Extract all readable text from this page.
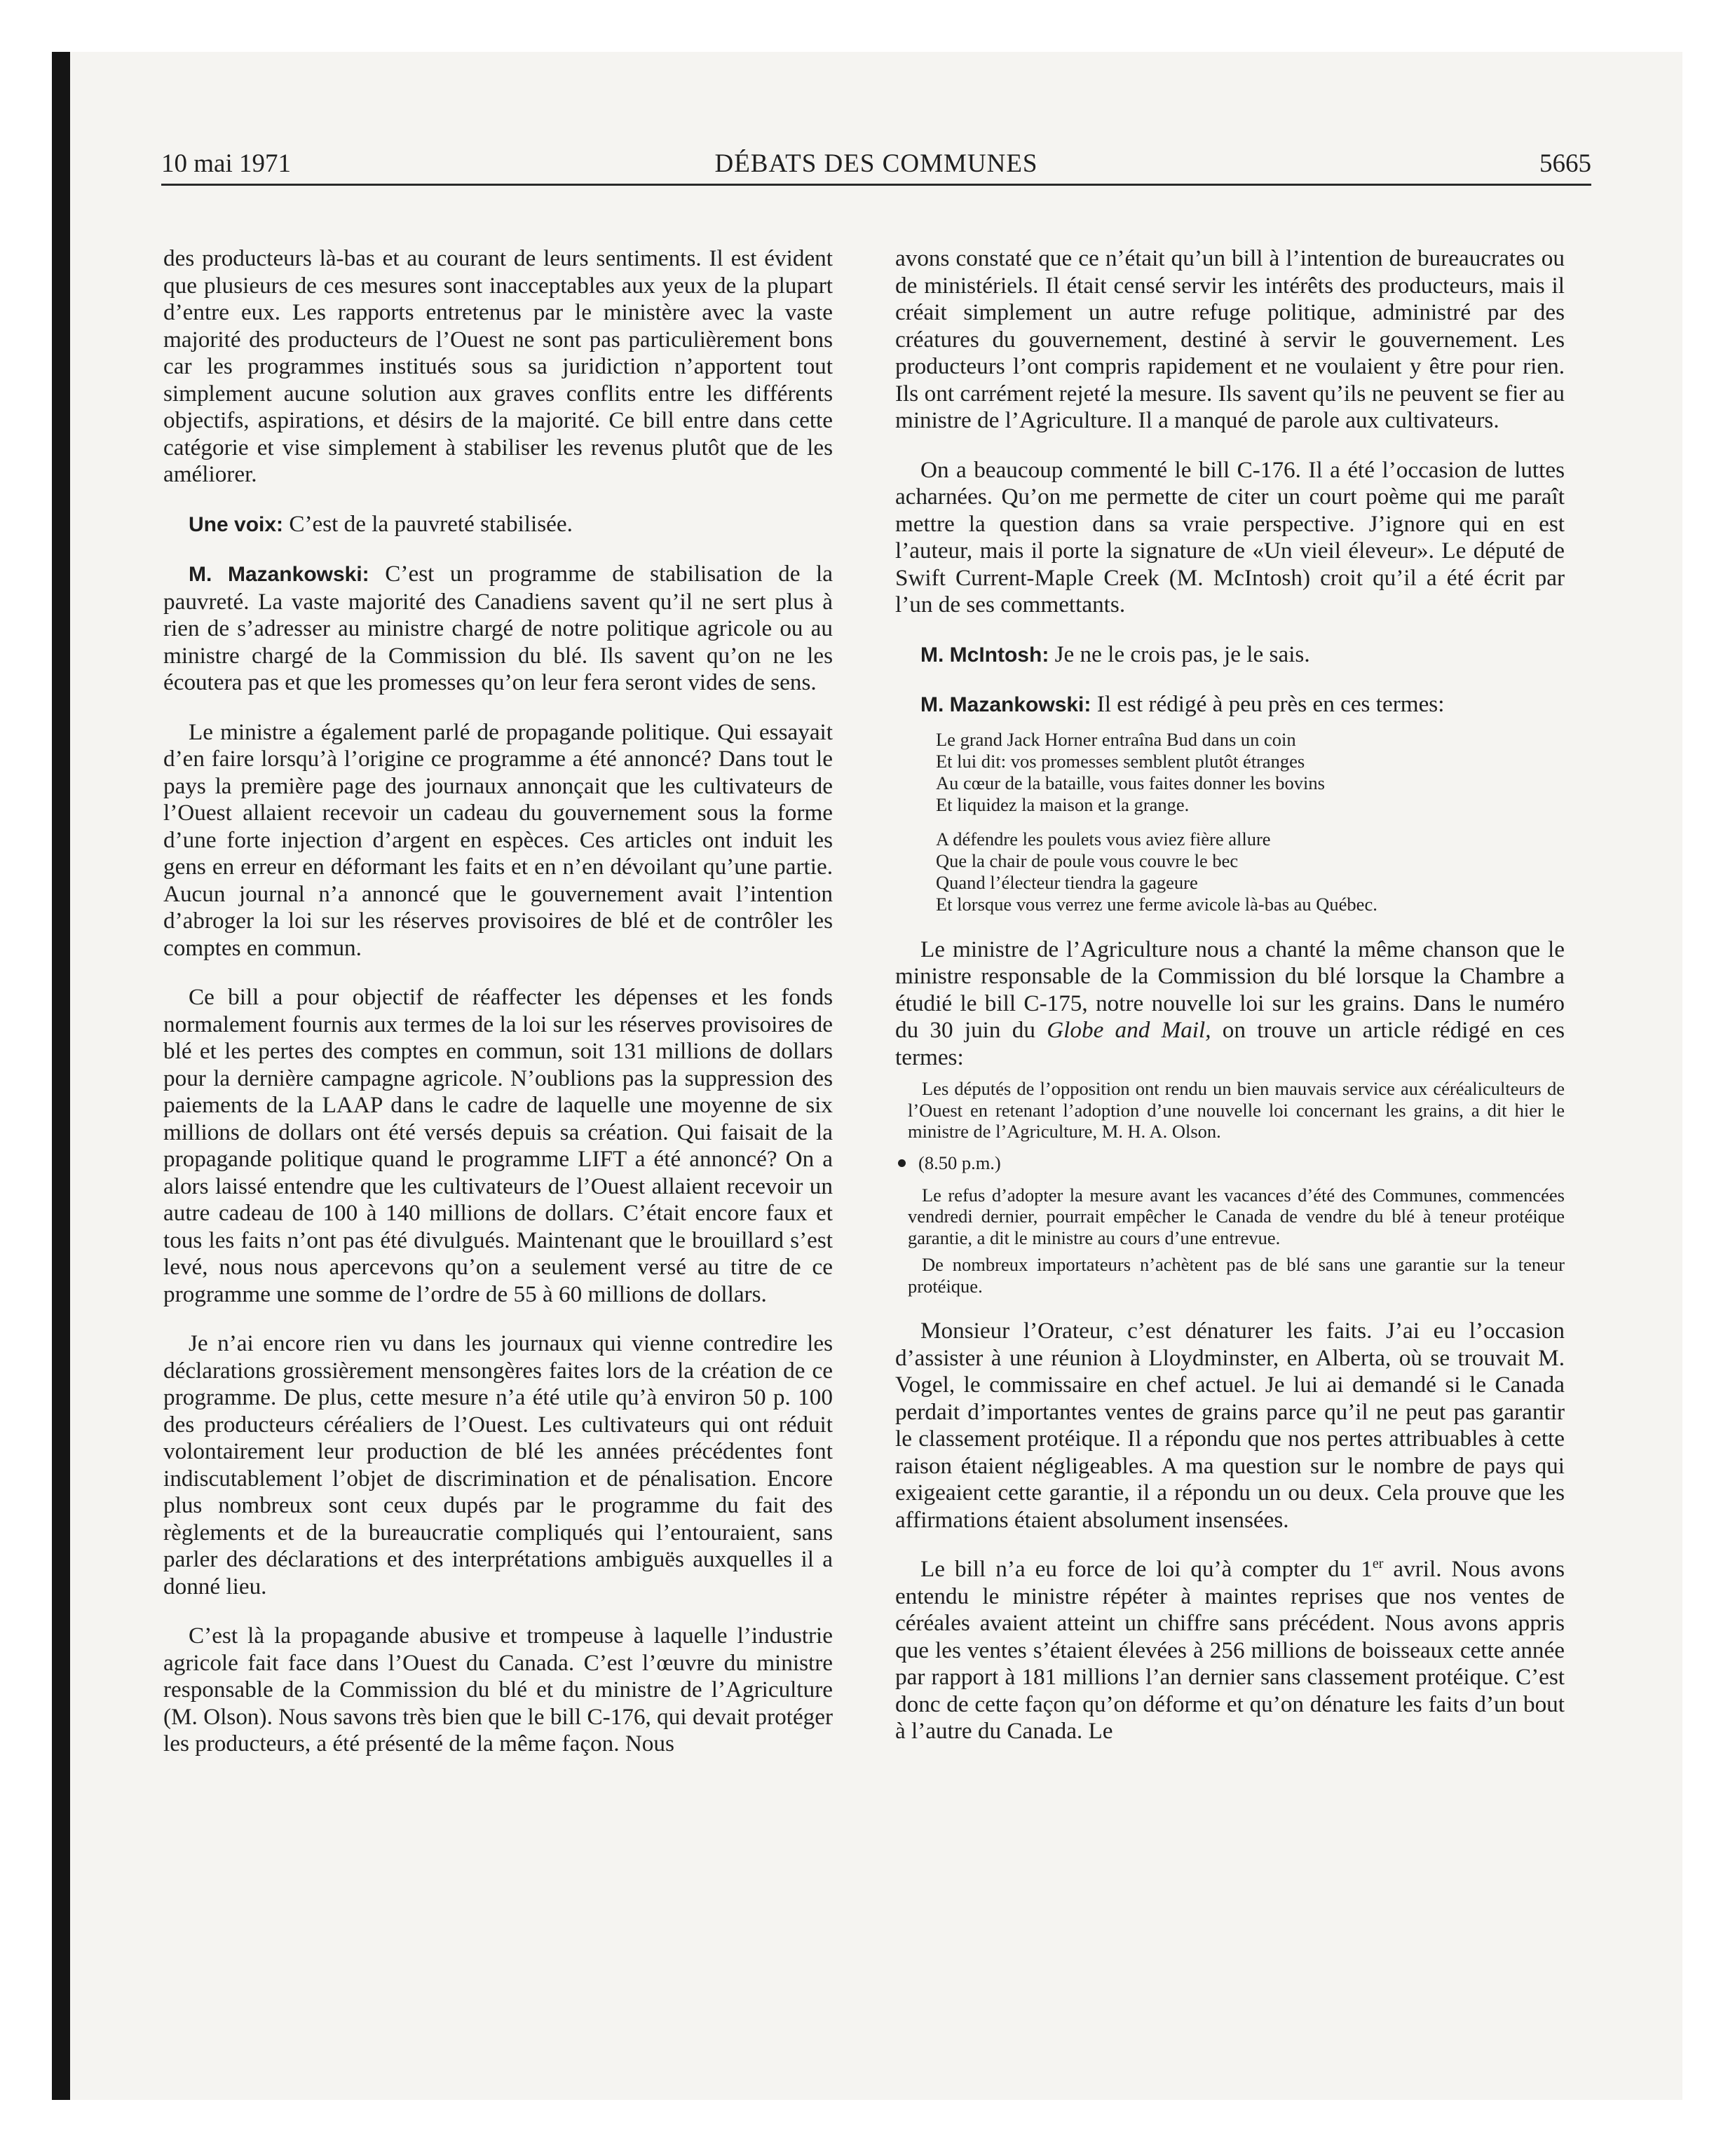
10 mai 1971	DÉBATS DES COMMUNES	5665

des producteurs là-bas et au courant de leurs sentiments. Il est évident que plusieurs de ces mesures sont inacceptables aux yeux de la plupart d’entre eux. Les rapports entretenus par le ministère avec la vaste majorité des producteurs de l’Ouest ne sont pas particulièrement bons car les programmes institués sous sa juridiction n’apportent tout simplement aucune solution aux graves conflits entre les différents objectifs, aspirations, et désirs de la majorité. Ce bill entre dans cette catégorie et vise simplement à stabiliser les revenus plutôt que de les améliorer.

Une voix: C’est de la pauvreté stabilisée.

M. Mazankowski: C’est un programme de stabilisation de la pauvreté. La vaste majorité des Canadiens savent qu’il ne sert plus à rien de s’adresser au ministre chargé de notre politique agricole ou au ministre chargé de la Commission du blé. Ils savent qu’on ne les écoutera pas et que les promesses qu’on leur fera seront vides de sens.

Le ministre a également parlé de propagande politique. Qui essayait d’en faire lorsqu’à l’origine ce programme a été annoncé? Dans tout le pays la première page des journaux annonçait que les cultivateurs de l’Ouest allaient recevoir un cadeau du gouvernement sous la forme d’une forte injection d’argent en espèces. Ces articles ont induit les gens en erreur en déformant les faits et en n’en dévoilant qu’une partie. Aucun journal n’a annoncé que le gouvernement avait l’intention d’abroger la loi sur les réserves provisoires de blé et de contrôler les comptes en commun.

Ce bill a pour objectif de réaffecter les dépenses et les fonds normalement fournis aux termes de la loi sur les réserves provisoires de blé et les pertes des comptes en commun, soit 131 millions de dollars pour la dernière campagne agricole. N’oublions pas la suppression des paiements de la LAAP dans le cadre de laquelle une moyenne de six millions de dollars ont été versés depuis sa création. Qui faisait de la propagande politique quand le programme LIFT a été annoncé? On a alors laissé entendre que les cultivateurs de l’Ouest allaient recevoir un autre cadeau de 100 à 140 millions de dollars. C’était encore faux et tous les faits n’ont pas été divulgués. Maintenant que le brouillard s’est levé, nous nous apercevons qu’on a seulement versé au titre de ce programme une somme de l’ordre de 55 à 60 millions de dollars.

Je n’ai encore rien vu dans les journaux qui vienne contredire les déclarations grossièrement mensongères faites lors de la création de ce programme. De plus, cette mesure n’a été utile qu’à environ 50 p. 100 des producteurs céréaliers de l’Ouest. Les cultivateurs qui ont réduit volontairement leur production de blé les années précédentes font indiscutablement l’objet de discrimination et de pénalisation. Encore plus nombreux sont ceux dupés par le programme du fait des règlements et de la bureaucratie compliqués qui l’entouraient, sans parler des déclarations et des interprétations ambiguës auxquelles il a donné lieu.

C’est là la propagande abusive et trompeuse à laquelle l’industrie agricole fait face dans l’Ouest du Canada. C’est l’œuvre du ministre responsable de la Commission du blé et du ministre de l’Agriculture (M. Olson). Nous savons très bien que le bill C-176, qui devait protéger les producteurs, a été présenté de la même façon. Nous

avons constaté que ce n’était qu’un bill à l’intention de bureaucrates ou de ministériels. Il était censé servir les intérêts des producteurs, mais il créait simplement un autre refuge politique, administré par des créatures du gouvernement, destiné à servir le gouvernement. Les producteurs l’ont compris rapidement et ne voulaient y être pour rien. Ils ont carrément rejeté la mesure. Ils savent qu’ils ne peuvent se fier au ministre de l’Agriculture. Il a manqué de parole aux cultivateurs.

On a beaucoup commenté le bill C-176. Il a été l’occasion de luttes acharnées. Qu’on me permette de citer un court poème qui me paraît mettre la question dans sa vraie perspective. J’ignore qui en est l’auteur, mais il porte la signature de «Un vieil éleveur». Le député de Swift Current-Maple Creek (M. McIntosh) croit qu’il a été écrit par l’un de ses commettants.

M. McIntosh: Je ne le crois pas, je le sais.

M. Mazankowski: Il est rédigé à peu près en ces termes:

Le grand Jack Horner entraîna Bud dans un coin
Et lui dit: vos promesses semblent plutôt étranges
Au cœur de la bataille, vous faites donner les bovins
Et liquidez la maison et la grange.
A défendre les poulets vous aviez fière allure
Que la chair de poule vous couvre le bec
Quand l’électeur tiendra la gageure
Et lorsque vous verrez une ferme avicole là-bas au Québec.

Le ministre de l’Agriculture nous a chanté la même chanson que le ministre responsable de la Commission du blé lorsque la Chambre a étudié le bill C-175, notre nouvelle loi sur les grains. Dans le numéro du 30 juin du Globe and Mail, on trouve un article rédigé en ces termes:

Les députés de l’opposition ont rendu un bien mauvais service aux céréaliculteurs de l’Ouest en retenant l’adoption d’une nouvelle loi concernant les grains, a dit hier le ministre de l’Agriculture, M. H. A. Olson.

(8.50 p.m.)

Le refus d’adopter la mesure avant les vacances d’été des Communes, commencées vendredi dernier, pourrait empêcher le Canada de vendre du blé à teneur protéique garantie, a dit le ministre au cours d’une entrevue.

De nombreux importateurs n’achètent pas de blé sans une garantie sur la teneur protéique.

Monsieur l’Orateur, c’est dénaturer les faits. J’ai eu l’occasion d’assister à une réunion à Lloydminster, en Alberta, où se trouvait M. Vogel, le commissaire en chef actuel. Je lui ai demandé si le Canada perdait d’importantes ventes de grains parce qu’il ne peut pas garantir le classement protéique. Il a répondu que nos pertes attribuables à cette raison étaient négligeables. A ma question sur le nombre de pays qui exigeaient cette garantie, il a répondu un ou deux. Cela prouve que les affirmations étaient absolument insensées.

Le bill n’a eu force de loi qu’à compter du 1er avril. Nous avons entendu le ministre répéter à maintes reprises que nos ventes de céréales avaient atteint un chiffre sans précédent. Nous avons appris que les ventes s’étaient élevées à 256 millions de boisseaux cette année par rapport à 181 millions l’an dernier sans classement protéique. C’est donc de cette façon qu’on déforme et qu’on dénature les faits d’un bout à l’autre du Canada. Le
